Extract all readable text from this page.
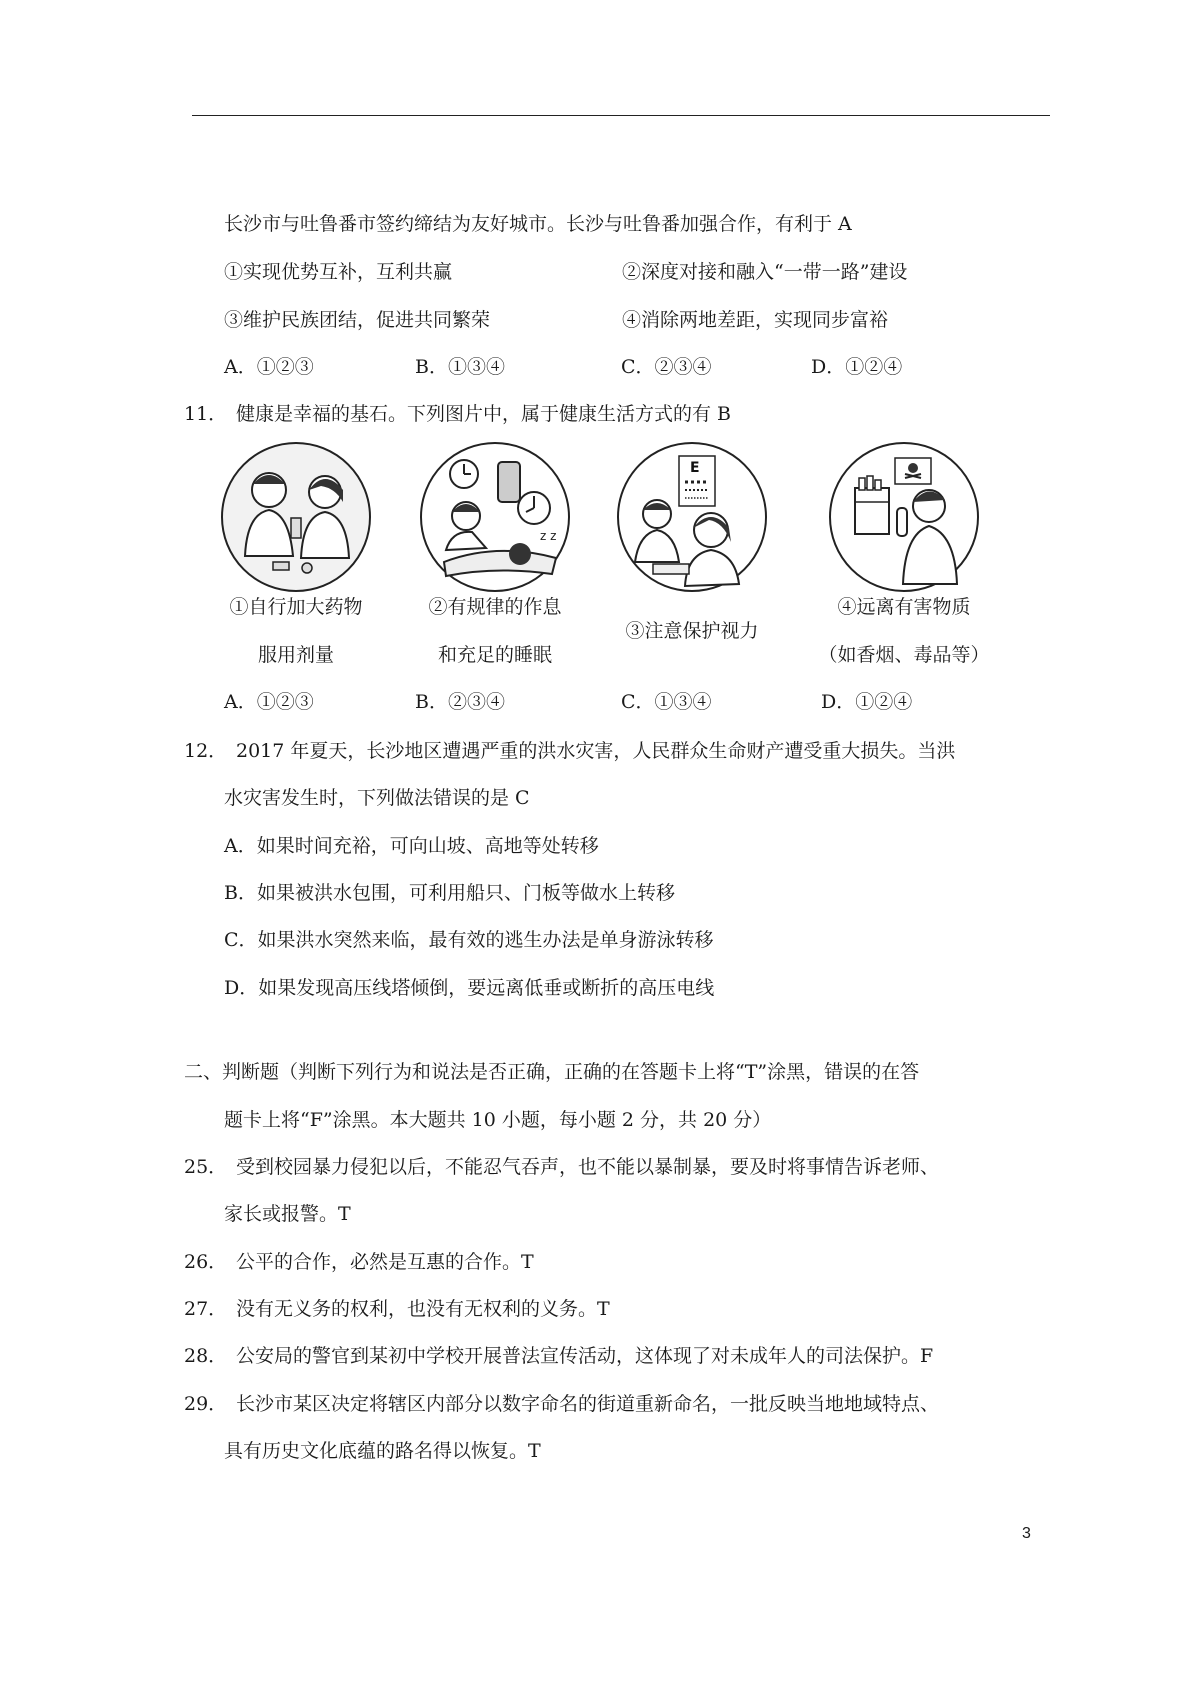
长沙市与吐鲁番市签约缔结为友好城市。长沙与吐鲁番加强合作，有利于 A
①实现优势互补，互利共赢	②深度对接和融入“一带一路”建设
③维护民族团结，促进共同繁荣	④消除两地差距，实现同步富裕
A．①②③	B．①③④	C．②③④	D．①②④
11． 健康是幸福的基石。下列图片中，属于健康生活方式的有 B
z z
E
①自行加大药物
服用剂量
②有规律的作息
和充足的睡眠
③注意保护视力
④远离有害物质
（如香烟、毒品等）
A．①②③	B．②③④	C．①③④	D．①②④
12． 2017 年夏天，长沙地区遭遇严重的洪水灾害，人民群众生命财产遭受重大损失。当洪
水灾害发生时，下列做法错误的是 C
A．如果时间充裕，可向山坡、高地等处转移
B．如果被洪水包围，可利用船只、门板等做水上转移
C．如果洪水突然来临，最有效的逃生办法是单身游泳转移
D．如果发现高压线塔倾倒，要远离低垂或断折的高压电线
二、判断题（判断下列行为和说法是否正确，正确的在答题卡上将“T”涂黑，错误的在答
题卡上将“F”涂黑。本大题共 10 小题，每小题 2 分，共 20 分）
25． 受到校园暴力侵犯以后，不能忍气吞声，也不能以暴制暴，要及时将事情告诉老师、
家长或报警。T
26． 公平的合作，必然是互惠的合作。T
27． 没有无义务的权利，也没有无权利的义务。T
28． 公安局的警官到某初中学校开展普法宣传活动，这体现了对未成年人的司法保护。F
29． 长沙市某区决定将辖区内部分以数字命名的街道重新命名，一批反映当地地域特点、
具有历史文化底蕴的路名得以恢复。T
3
